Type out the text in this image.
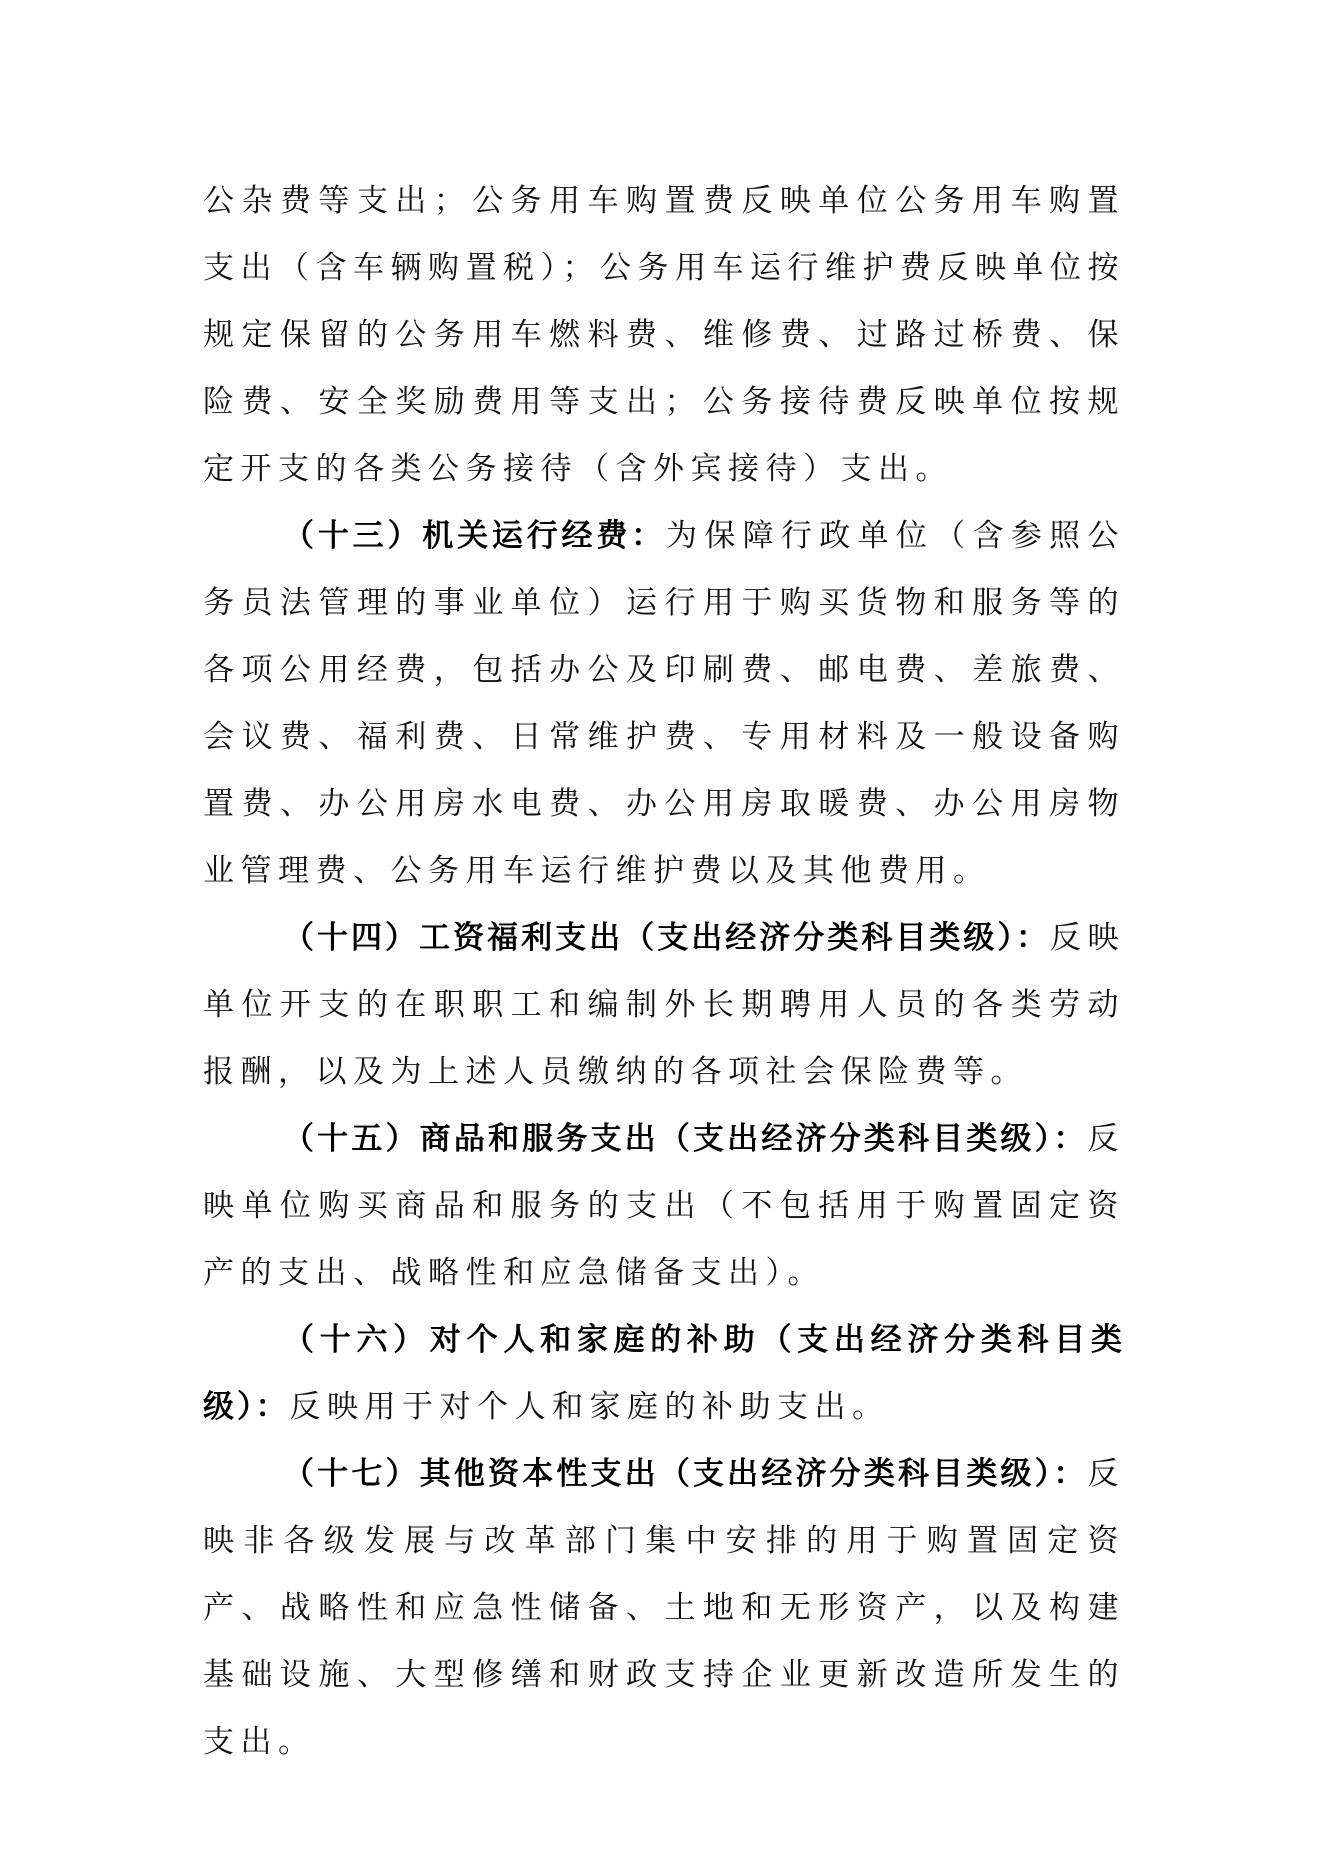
公杂费等支出；公务用车购置费反映单位公务用车购置支出（含车辆购置税）；公务用车运行维护费反映单位按规定保留的公务用车燃料费、维修费、过路过桥费、保险费、安全奖励费用等支出；公务接待费反映单位按规定开支的各类公务接待（含外宾接待）支出。

（十三）机关运行经费：为保障行政单位（含参照公务员法管理的事业单位）运行用于购买货物和服务等的各项公用经费，包括办公及印刷费、邮电费、差旅费、会议费、福利费、日常维护费、专用材料及一般设备购置费、办公用房水电费、办公用房取暖费、办公用房物业管理费、公务用车运行维护费以及其他费用。

（十四）工资福利支出（支出经济分类科目类级）：反映单位开支的在职职工和编制外长期聘用人员的各类劳动报酬，以及为上述人员缴纳的各项社会保险费等。

（十五）商品和服务支出（支出经济分类科目类级）：反映单位购买商品和服务的支出（不包括用于购置固定资产的支出、战略性和应急储备支出）。

（十六）对个人和家庭的补助（支出经济分类科目类级）：反映用于对个人和家庭的补助支出。

（十七）其他资本性支出（支出经济分类科目类级）：反映非各级发展与改革部门集中安排的用于购置固定资产、战略性和应急性储备、土地和无形资产，以及构建基础设施、大型修缮和财政支持企业更新改造所发生的支出。
